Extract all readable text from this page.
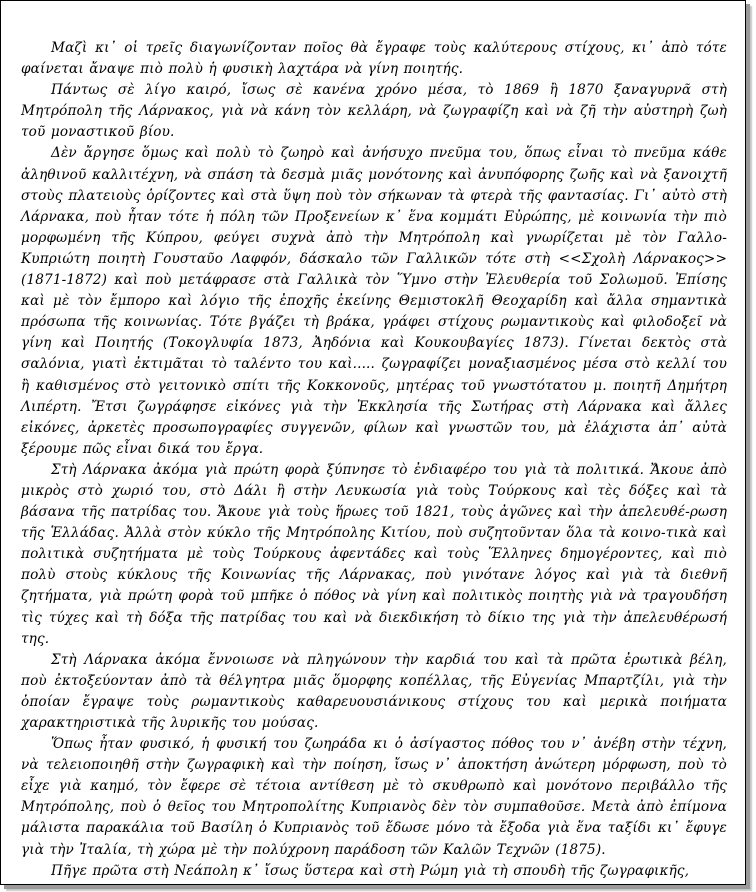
Μαζὶ κι᾿ οἱ τρεῖς διαγωνίζονταν ποῖος θὰ ἔγραφε τοὺς καλύτερους στίχους, κι᾿ ἀπὸ τότε φαίνεται ἄναψε πιὸ πολὺ ἡ φυσικὴ λαχτάρα νὰ γίνη ποιητής.

Πάντως σὲ λίγο καιρό, ἴσως σὲ κανένα χρόνο μέσα, τὸ 1869 ἢ 1870 ξαναγυρνᾶ στὴ Μητρόπολη τῆς Λάρνακος, γιὰ νὰ κάνη τὸν κελλάρη, νὰ ζωγραφίζη καὶ νὰ ζῆ τὴν αὐστηρὴ ζωὴ τοῦ μοναστικοῦ βίου.

Δὲν ἄργησε ὅμως καὶ πολὺ τὸ ζωηρὸ καὶ ἀνήσυχο πνεῦμα του, ὅπως εἶναι τὸ πνεῦμα κάθε ἀληθινοῦ καλλιτέχνη, νὰ σπάση τὰ δεσμὰ μιᾶς μονότονης καὶ ἀνυπόφορης ζωῆς καὶ νὰ ξανοιχτῆ στοὺς πλατειοὺς ὁρίζοντες καὶ στὰ ὕψη ποὺ τὸν σήκωναν τὰ φτερὰ τῆς φαντασίας. Γι᾿ αὐτὸ στὴ Λάρνακα, ποὺ ἦταν τότε ἡ πόλη τῶν Προξενείων κ᾿ ἕνα κομμάτι Εὐρώπης, μὲ κοινωνία τὴν πιὸ μορφωμένη τῆς Κύπρου, φεύγει συχνὰ ἀπὸ τὴν Μητρόπολη καὶ γνωρίζεται μὲ τὸν Γαλλο-Κυπριώτη ποιητὴ Γουσταῦο Λαφφόν, δάσκαλο τῶν Γαλλικῶν τότε στὴ <<Σχολὴ Λάρνακος>> (1871-1872) καὶ ποὺ μετάφρασε στὰ Γαλλικὰ τὸν Ὕμνο στὴν Ἐλευθερία τοῦ Σολωμοῦ. Ἐπίσης καὶ μὲ τὸν ἔμπορο καὶ λόγιο τῆς ἐποχῆς ἐκείνης Θεμιστοκλῆ Θεοχαρίδη καὶ ἄλλα σημαντικὰ πρόσωπα τῆς κοινωνίας. Τότε βγάζει τὴ βράκα, γράφει στίχους ρωμαντικοὺς καὶ φιλοδοξεῖ νὰ γίνη καὶ Ποιητής (Τοκογλυφία 1873, Ἀηδόνια καὶ Κουκουβαγίες 1873). Γίνεται δεκτὸς στὰ σαλόνια, γιατὶ ἐκτιμᾶται τὸ ταλέντο του καὶ..... ζωγραφίζει μοναξιασμένος μέσα στὸ κελλί του ἢ καθισμένος στὸ γειτονικὸ σπίτι τῆς Κοκκονοῦς, μητέρας τοῦ γνωστότατου μ. ποιητῆ Δημήτρη Λιπέρτη. Ἔτσι ζωγράφησε εἰκόνες γιὰ τὴν Ἐκκλησία τῆς Σωτήρας στὴ Λάρνακα καὶ ἄλλες εἰκόνες, ἀρκετὲς προσωπογραφίες συγγενῶν, φίλων καὶ γνωστῶν του, μὰ ἐλάχιστα ἀπ᾿ αὐτὰ ξέρουμε πῶς εἶναι δικά του ἔργα.

Στὴ Λάρνακα ἀκόμα γιὰ πρώτη φορὰ ξύπνησε τὸ ἐνδιαφέρο του γιὰ τὰ πολιτικά. Ἄκουε ἀπὸ μικρὸς στὸ χωριό του, στὸ Δάλι ἢ στὴν Λευκωσία γιὰ τοὺς Τούρκους καὶ τὲς δόξες καὶ τὰ βάσανα τῆς πατρίδας του. Ἄκουε γιὰ τοὺς ἥρωες τοῦ 1821, τοὺς ἀγῶνες καὶ τὴν ἀπελευθέ-ρωση τῆς Ἑλλάδας. Ἀλλὰ στὸν κύκλο τῆς Μητρόπολης Κιτίου, ποὺ συζητοῦνταν ὅλα τὰ κοινο-τικὰ καὶ πολιτικὰ συζητήματα μὲ τοὺς Τούρκους ἀφεντάδες καὶ τοὺς Ἕλληνες δημογέροντες, καὶ πιὸ πολὺ στοὺς κύκλους τῆς Κοινωνίας τῆς Λάρνακας, ποὺ γινότανε λόγος καὶ γιὰ τὰ διεθνῆ ζητήματα, γιὰ πρώτη φορὰ τοῦ μπῆκε ὁ πόθος νὰ γίνη καὶ πολιτικὸς ποιητὴς γιὰ νὰ τραγουδήση τὶς τύχες καὶ τὴ δόξα τῆς πατρίδας του καὶ νὰ διεκδικήση τὸ δίκιο της γιὰ τὴν ἀπελευθέρωσή της.

Στὴ Λάρνακα ἀκόμα ἔννοιωσε νὰ πληγώνουν τὴν καρδιά του καὶ τὰ πρῶτα ἐρωτικὰ βέλη, ποὺ ἐκτοξεύονταν ἀπὸ τὰ θέλγητρα μιᾶς ὅμορφης κοπέλλας, τῆς Εὐγενίας Μπαρτζίλι, γιὰ τὴν ὁποίαν ἔγραψε τοὺς ρωμαντικοὺς καθαρευουσιάνικους στίχους του καὶ μερικὰ ποιήματα χαρακτηριστικὰ τῆς λυρικῆς του μούσας.

Ὅπως ἦταν φυσικό, ἡ φυσική του ζωηράδα κι ὁ ἀσίγαστος πόθος του ν᾿ ἀνέβη στὴν τέχνη, νὰ τελειοποιηθῆ στὴν ζωγραφικὴ καὶ τὴν ποίηση, ἴσως ν᾿ ἀποκτήση ἀνώτερη μόρφωση, ποὺ τὸ εἶχε γιὰ καημό, τὸν ἔφερε σὲ τέτοια αντίθεση μὲ τὸ σκυθρωπὸ καὶ μονότονο περιβάλλο τῆς Μητρόπολης, ποὺ ὁ θεῖος του Μητροπολίτης Κυπριανὸς δὲν τὸν συμπαθοῦσε. Μετὰ ἀπὸ ἐπίμονα μάλιστα παρακάλια τοῦ Βασίλη ὁ Κυπριανὸς τοῦ ἔδωσε μόνο τὰ ἔξοδα γιὰ ἕνα ταξίδι κι᾿ ἔφυγε γιὰ τὴν Ἰταλία, τὴ χώρα μὲ τὴν πολύχρονη παράδοση τῶν Καλῶν Τεχνῶν (1875).

Πῆγε πρῶτα στὴ Νεάπολη κ᾿ ἴσως ὕστερα καὶ στὴ Ρώμη γιὰ τὴ σπουδὴ τῆς ζωγραφικῆς,
